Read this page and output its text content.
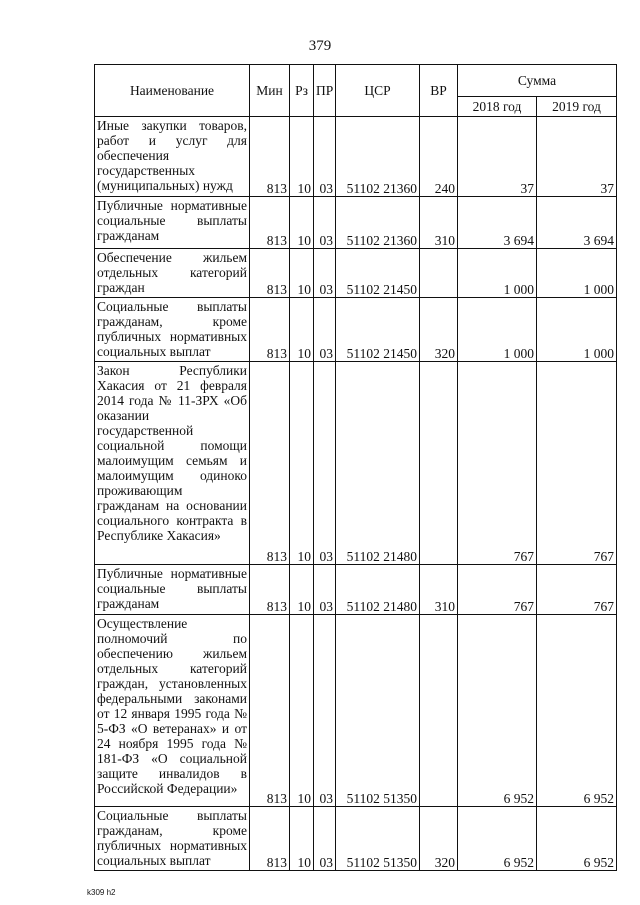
379
Наименование	Мин	Рз	ПР	ЦСР	ВР	Сумма	
						2018 год	2019 год
Иные закупки товаров, работ и услуг для обеспечения государственных (муниципальных) нужд	813	10	03	51102 21360	240	37	37
Публичные нормативные социальные выплаты гражданам	813	10	03	51102 21360	310	3 694	3 694
Обеспечение жильем отдельных категорий граждан	813	10	03	51102 21450		1 000	1 000
Социальные выплаты гражданам, кроме публичных нормативных социальных выплат	813	10	03	51102 21450	320	1 000	1 000
Закон Республики Хакасия от 21 февраля 2014 года № 11-ЗРХ «Об оказании государственной социальной помощи малоимущим семьям и малоимущим одиноко проживающим гражданам на основании социального контракта в Республике Хакасия»	813	10	03	51102 21480		767	767
Публичные нормативные социальные выплаты гражданам	813	10	03	51102 21480	310	767	767
Осуществление полномочий по обеспечению жильем отдельных категорий граждан, установленных федеральными законами от 12 января 1995 года № 5-ФЗ «О ветеранах» и от 24 ноября 1995 года № 181-ФЗ «О социальной защите инвалидов в Российской Федерации»	813	10	03	51102 51350		6 952	6 952
Социальные выплаты гражданам, кроме публичных нормативных социальных выплат	813	10	03	51102 51350	320	6 952	6 952
k309 h2
